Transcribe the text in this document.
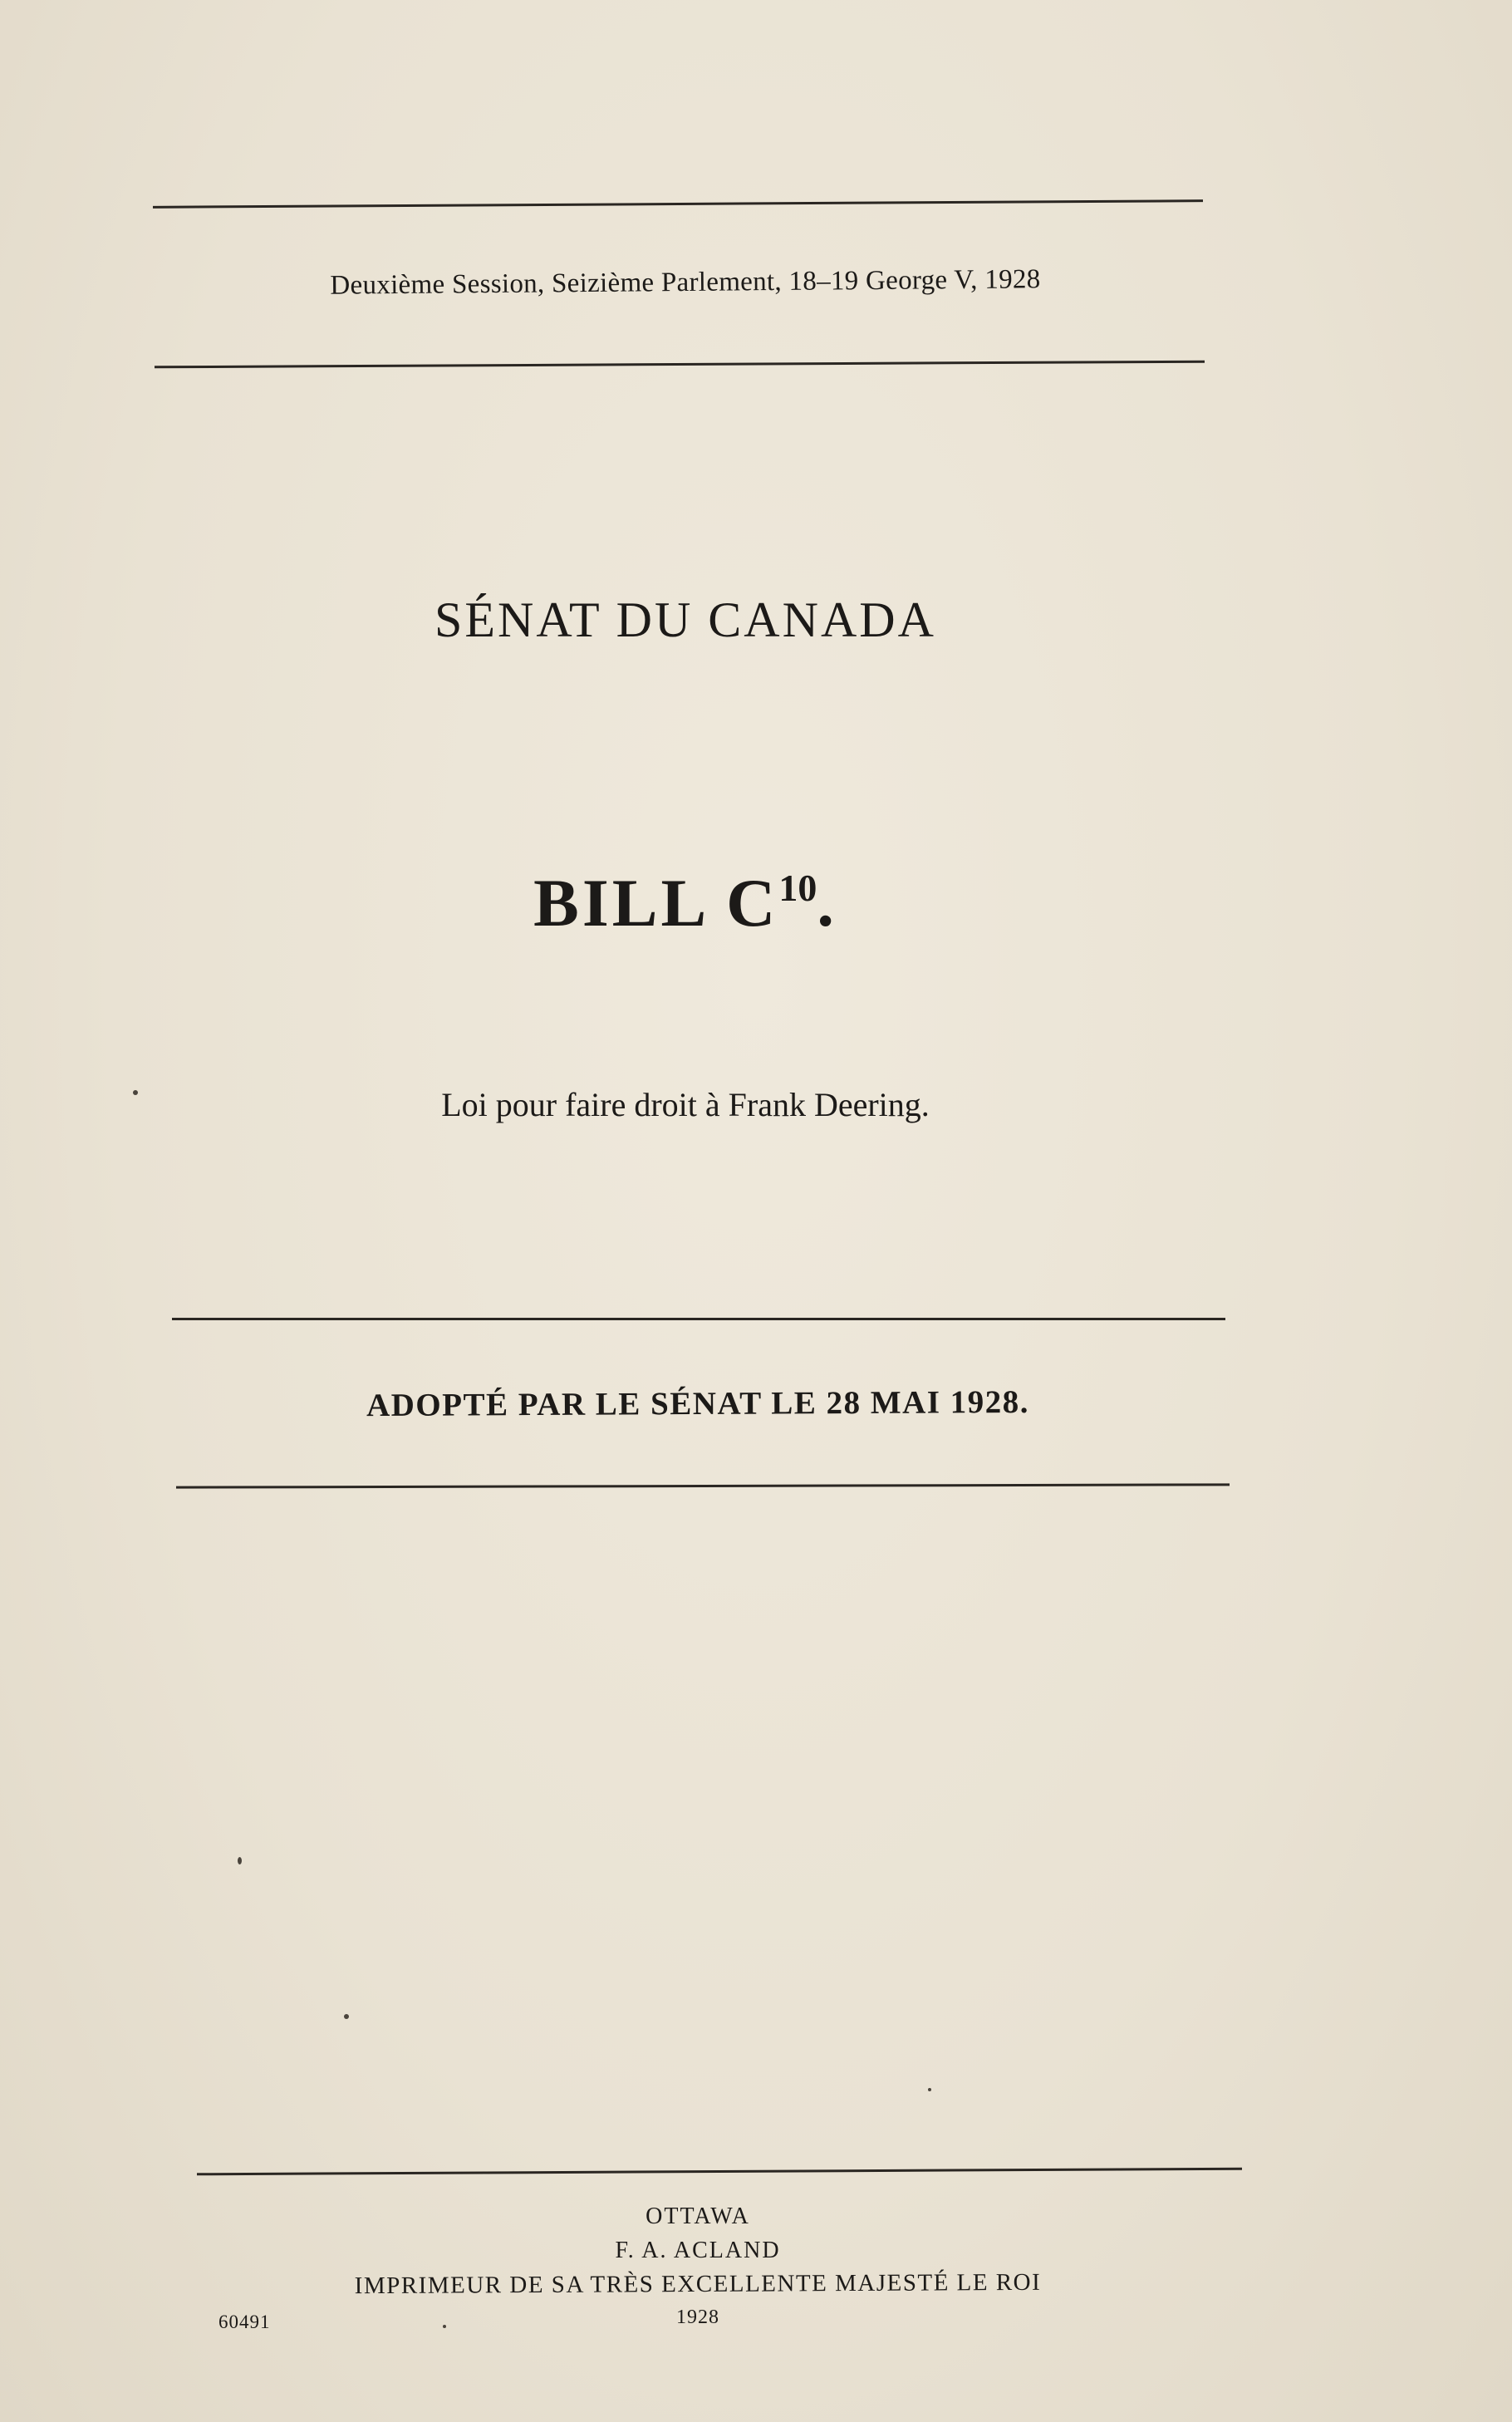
Deuxième Session, Seizième Parlement, 18–19 George V, 1928
SÉNAT DU CANADA
BILL $C^{10}$.
Loi pour faire droit à Frank Deering.
ADOPTÉ PAR LE SÉNAT LE 28 MAI 1928.
OTTAWA
F. A. ACLAND
IMPRIMEUR DE SA TRÈS EXCELLENTE MAJESTÉ LE ROI
1928
60491
